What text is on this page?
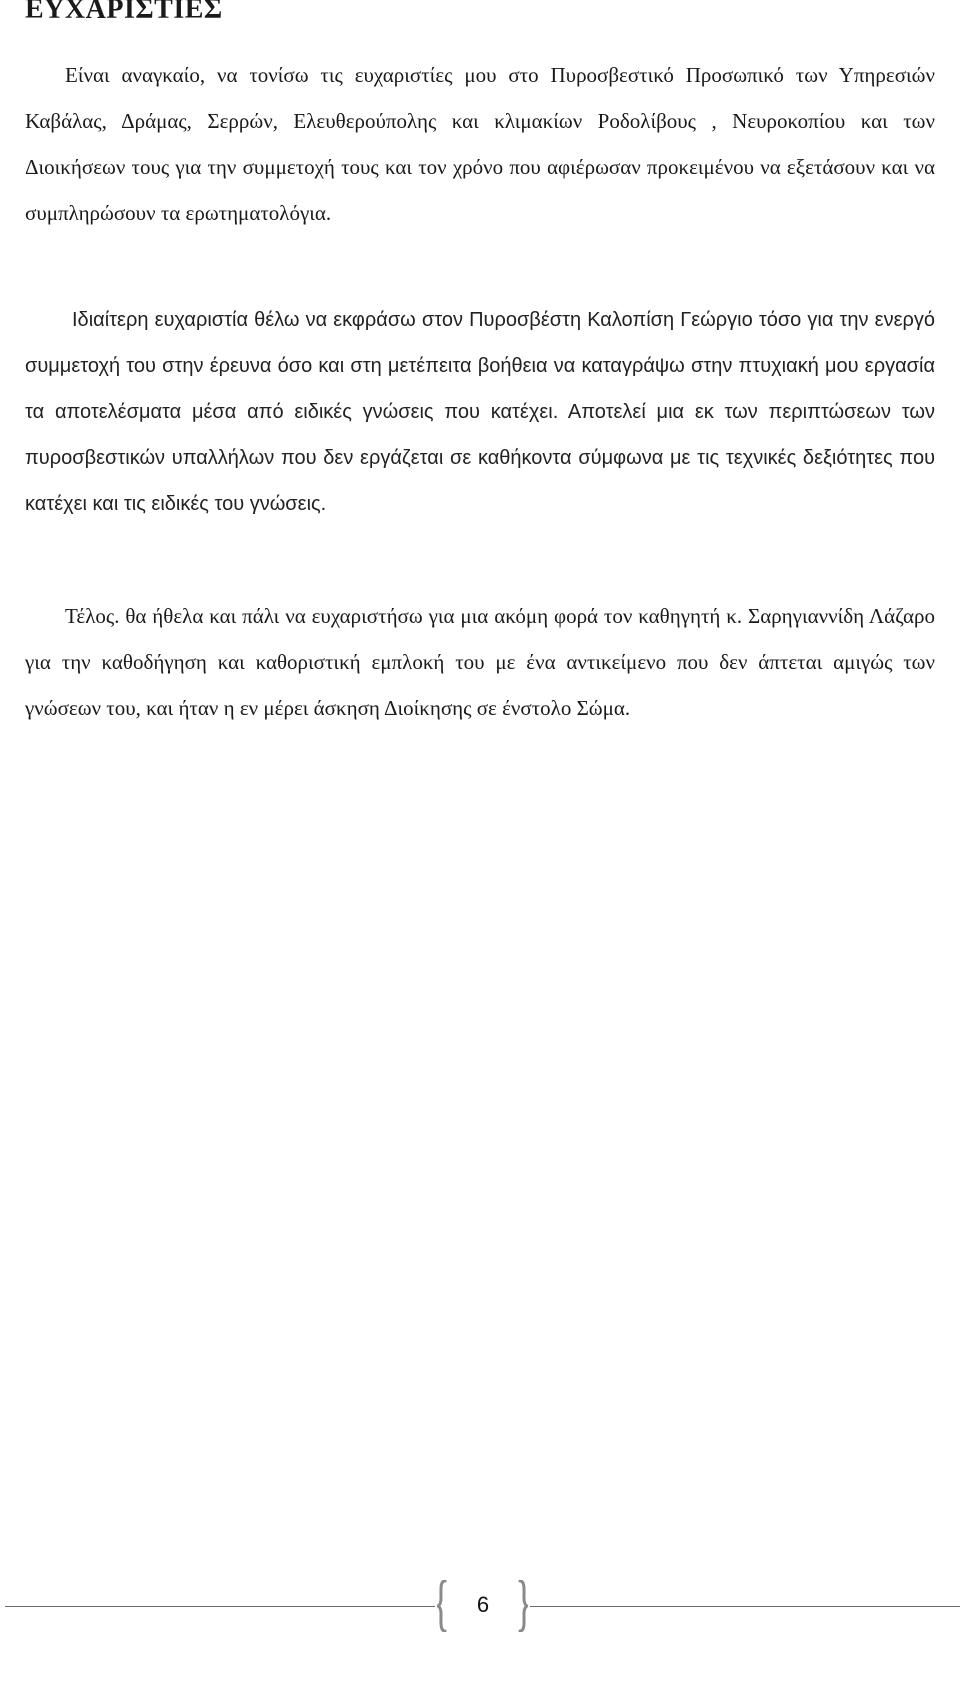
ΕΥΧΑΡΙΣΤΙΕΣ

Είναι αναγκαίο, να τονίσω τις ευχαριστίες μου στο Πυροσβεστικό Προσωπικό των Υπηρεσιών Καβάλας, Δράμας, Σερρών, Ελευθερούπολης και κλιμακίων Ροδολίβους , Νευροκοπίου και των Διοικήσεων τους για την συμμετοχή τους και τον χρόνο που αφιέρωσαν προκειμένου να εξετάσουν και να συμπληρώσουν τα ερωτηματολόγια.

Ιδιαίτερη ευχαριστία θέλω να εκφράσω στον Πυροσβέστη Καλοπίση Γεώργιο τόσο για την ενεργό συμμετοχή του στην έρευνα όσο και στη μετέπειτα βοήθεια να καταγράψω στην πτυχιακή μου εργασία τα αποτελέσματα μέσα από ειδικές γνώσεις που κατέχει. Αποτελεί μια εκ των περιπτώσεων των πυροσβεστικών υπαλλήλων που δεν εργάζεται σε καθήκοντα σύμφωνα με τις τεχνικές δεξιότητες που κατέχει και τις ειδικές του γνώσεις.

Τέλος. θα ήθελα και πάλι να ευχαριστήσω για μια ακόμη φορά τον καθηγητή κ. Σαρηγιαννίδη Λάζαρο για την καθοδήγηση και καθοριστική εμπλοκή του με ένα αντικείμενο που δεν άπτεται αμιγώς των γνώσεων του, και ήταν η εν μέρει άσκηση Διοίκησης σε ένστολο Σώμα.

6
